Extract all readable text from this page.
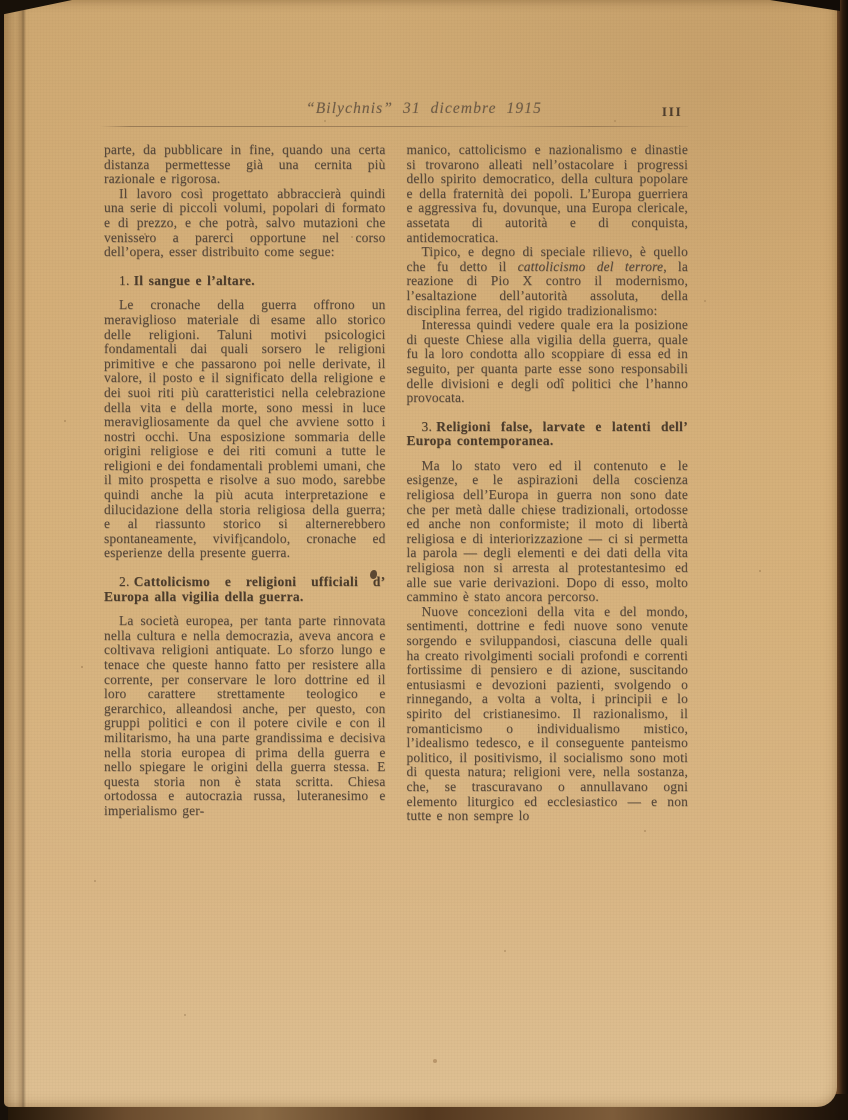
“Bilychnis” 31 dicembre 1915	III

parte, da pubblicare in fine, quando una certa distanza permettesse già una cernita più razionale e rigorosa.

Il lavoro così progettato abbraccierà quindi una serie di piccoli volumi, popolari di formato e di prezzo, e che potrà, salvo mutazioni che venissero a parerci opportune nel corso dell’opera, esser distribuito come segue:

1. Il sangue e l’altare.

Le cronache della guerra offrono un meraviglioso materiale di esame allo storico delle religioni. Taluni motivi psicologici fondamentali dai quali sorsero le religioni primitive e che passarono poi nelle derivate, il valore, il posto e il significato della religione e dei suoi riti più caratteristici nella celebrazione della vita e della morte, sono messi in luce meravigliosamente da quel che avviene sotto i nostri occhi. Una esposizione sommaria delle origini religiose e dei riti comuni a tutte le religioni e dei fondamentali problemi umani, che il mito prospetta e risolve a suo modo, sarebbe quindi anche la più acuta interpretazione e dilucidazione della storia religiosa della guerra; e al riassunto storico si alternerebbero spontaneamente, vivificandolo, cronache ed esperienze della presente guerra.

2. Cattolicismo e religioni ufficiali d’ Europa alla vigilia della guerra.

La società europea, per tanta parte rinnovata nella cultura e nella democrazia, aveva ancora e coltivava religioni antiquate. Lo sforzo lungo e tenace che queste hanno fatto per resistere alla corrente, per conservare le loro dottrine ed il loro carattere strettamente teologico e gerarchico, alleandosi anche, per questo, con gruppi politici e con il potere civile e con il militarismo, ha una parte grandissima e decisiva nella storia europea di prima della guerra e nello spiegare le origini della guerra stessa. E questa storia non è stata scritta. Chiesa ortodossa e autocrazia russa, luteranesimo e imperialismo ger-

manico, cattolicismo e nazionalismo e dinastie si trovarono alleati nell’ostacolare i progressi dello spirito democratico, della cultura popolare e della fraternità dei popoli. L’Europa guerriera e aggressiva fu, dovunque, una Europa clericale, assetata di autorità e di conquista, antidemocratica.

Tipico, e degno di speciale rilievo, è quello che fu detto il cattolicismo del terrore, la reazione di Pio X contro il modernismo, l’esaltazione dell’autorità assoluta, della disciplina ferrea, del rigido tradizionalismo:

Interessa quindi vedere quale era la posizione di queste Chiese alla vigilia della guerra, quale fu la loro condotta allo scoppiare di essa ed in seguito, per quanta parte esse sono responsabili delle divisioni e degli odî politici che l’hanno provocata.

3. Religioni false, larvate e latenti dell’ Europa contemporanea.

Ma lo stato vero ed il contenuto e le esigenze, e le aspirazioni della coscienza religiosa dell’Europa in guerra non sono date che per metà dalle chiese tradizionali, ortodosse ed anche non conformiste; il moto di libertà religiosa e di interiorizzazione — ci si permetta la parola — degli elementi e dei dati della vita religiosa non si arresta al protestantesimo ed alle sue varie derivazioni. Dopo di esso, molto cammino è stato ancora percorso.

Nuove concezioni della vita e del mondo, sentimenti, dottrine e fedi nuove sono venute sorgendo e sviluppandosi, ciascuna delle quali ha creato rivolgimenti sociali profondi e correnti fortissime di pensiero e di azione, suscitando entusiasmi e devozioni pazienti, svolgendo o rinnegando, a volta a volta, i principii e lo spirito del cristianesimo. Il razionalismo, il romanticismo o individualismo mistico, l’idealismo tedesco, e il conseguente panteismo politico, il positivismo, il socialismo sono moti di questa natura; religioni vere, nella sostanza, che, se trascuravano o annullavano ogni elemento liturgico ed ecclesiastico — e non tutte e non sempre lo
